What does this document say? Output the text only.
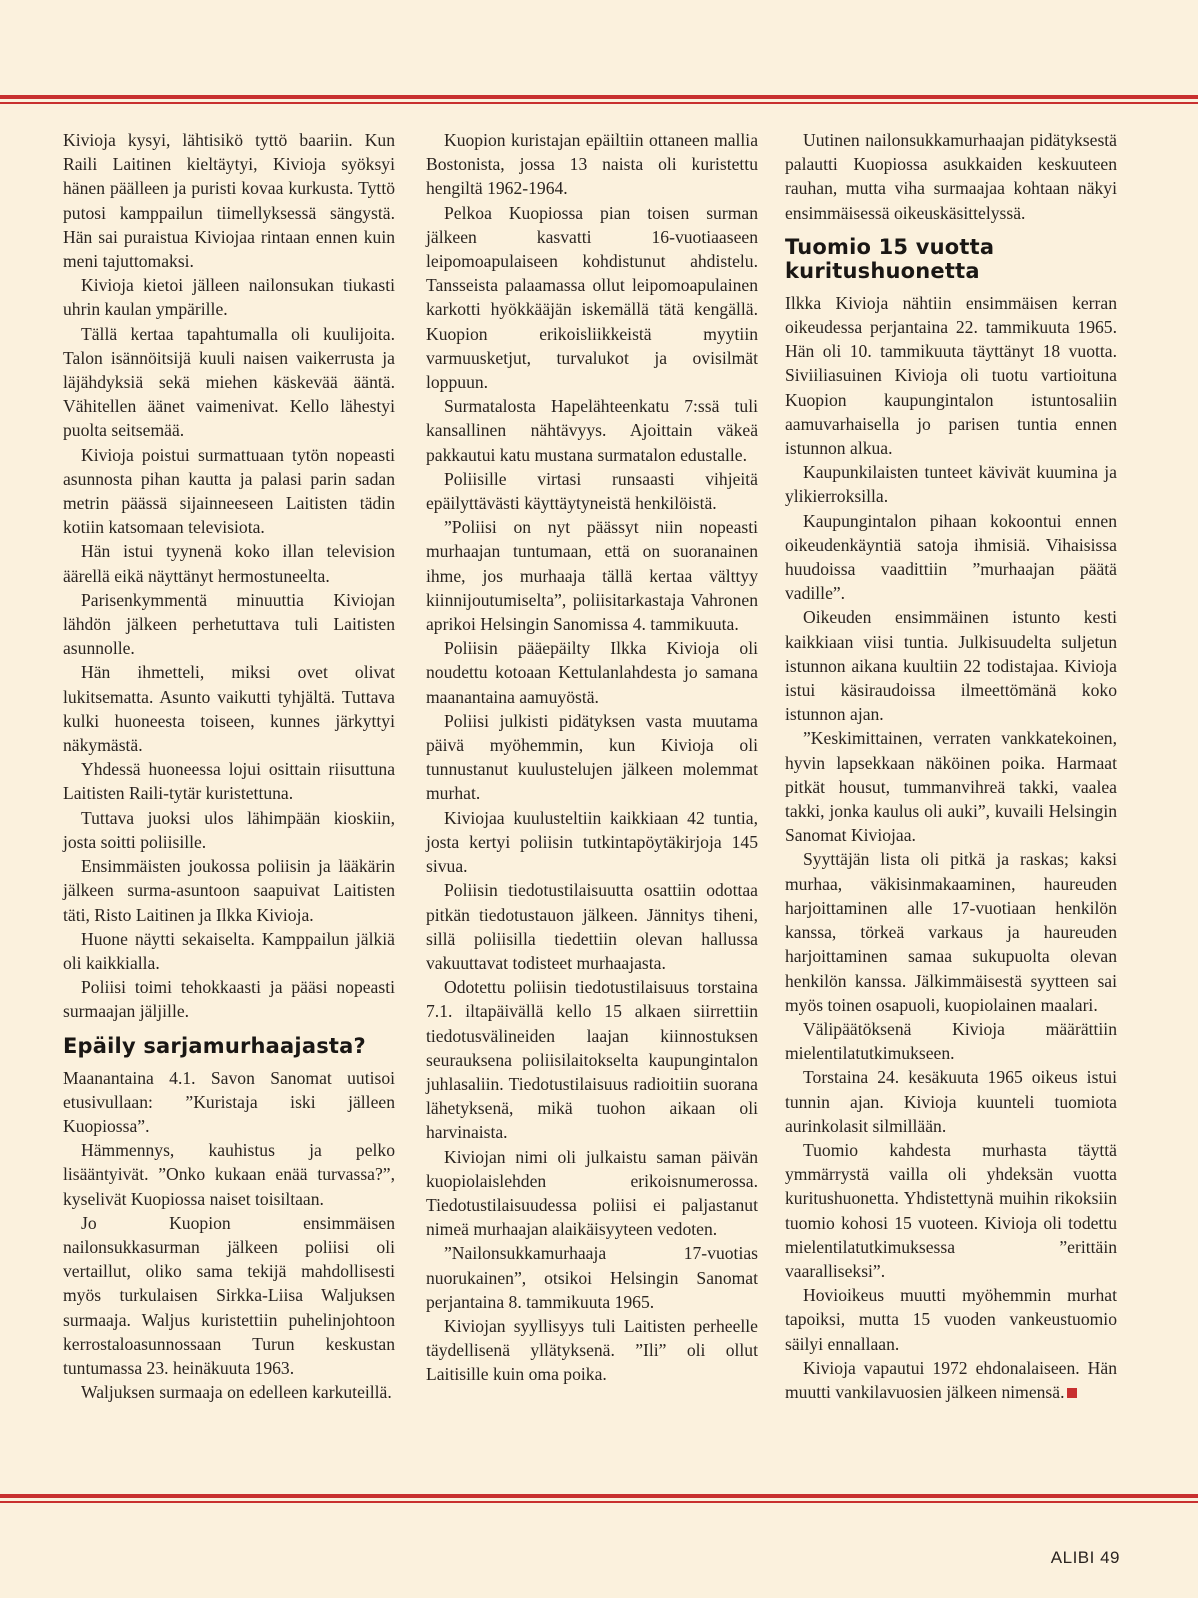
Kivioja kysyi, lähtisikö tyttö baariin. Kun Raili Laitinen kieltäytyi, Kivioja syöksyi hänen päälleen ja puristi kovaa kurkusta. Tyttö putosi kamppailun tiimellyksessä sängystä. Hän sai puraistua Kiviojaa rintaan ennen kuin meni tajuttomaksi.

Kivioja kietoi jälleen nailonsukan tiukasti uhrin kaulan ympärille.

Tällä kertaa tapahtumalla oli kuulijoita. Talon isännöitsijä kuuli naisen vaikerrusta ja läjähdyksiä sekä miehen käskevää ääntä. Vähitellen äänet vaimenivat. Kello lähestyi puolta seitsemää.

Kivioja poistui surmattuaan tytön nopeasti asunnosta pihan kautta ja palasi parin sadan metrin päässä sijainneeseen Laitisten tädin kotiin katsomaan televisiota.

Hän istui tyynenä koko illan television äärellä eikä näyttänyt hermostuneelta.

Parisenkymmentä minuuttia Kiviojan lähdön jälkeen perhetuttava tuli Laitisten asunnolle.

Hän ihmetteli, miksi ovet olivat lukitsematta. Asunto vaikutti tyhjältä. Tuttava kulki huoneesta toiseen, kunnes järkyttyi näkymästä.

Yhdessä huoneessa lojui osittain riisuttuna Laitisten Raili-tytär kuristettuna.

Tuttava juoksi ulos lähimpään kioskiin, josta soitti poliisille.

Ensimmäisten joukossa poliisin ja lääkärin jälkeen surma-asuntoon saapuivat Laitisten täti, Risto Laitinen ja Ilkka Kivioja.

Huone näytti sekaiselta. Kamppailun jälkiä oli kaikkialla.

Poliisi toimi tehokkaasti ja pääsi nopeasti surmaajan jäljille.

Epäily sarjamurhaajasta?

Maanantaina 4.1. Savon Sanomat uutisoi etusivullaan: ”Kuristaja iski jälleen Kuopiossa”.

Hämmennys, kauhistus ja pelko lisääntyivät. ”Onko kukaan enää turvassa?”, kyselivät Kuopiossa naiset toisiltaan.

Jo Kuopion ensimmäisen nailonsukkasurman jälkeen poliisi oli vertaillut, oliko sama tekijä mahdollisesti myös turkulaisen Sirkka-Liisa Waljuksen surmaaja. Waljus kuristettiin puhelinjohtoon kerrostaloasunnossaan Turun keskustan tuntumassa 23. heinäkuuta 1963.

Waljuksen surmaaja on edelleen karkuteillä.

Kuopion kuristajan epäiltiin ottaneen mallia Bostonista, jossa 13 naista oli kuristettu hengiltä 1962-1964.

Pelkoa Kuopiossa pian toisen surman jälkeen kasvatti 16-vuotiaaseen leipomoapulaiseen kohdistunut ahdistelu. Tansseista palaamassa ollut leipomoapulainen karkotti hyökkääjän iskemällä tätä kengällä. Kuopion erikoisliikkeistä myytiin varmuusketjut, turvalukot ja ovisilmät loppuun.

Surmatalosta Hapelähteenkatu 7:ssä tuli kansallinen nähtävyys. Ajoittain väkeä pakkautui katu mustana surmatalon edustalle.

Poliisille virtasi runsaasti vihjeitä epäilyttävästi käyttäytyneistä henkilöistä.

”Poliisi on nyt päässyt niin nopeasti murhaajan tuntumaan, että on suoranainen ihme, jos murhaaja tällä kertaa välttyy kiinnijoutumiselta”, poliisitarkastaja Vahronen aprikoi Helsingin Sanomissa 4. tammikuuta.

Poliisin pääepäilty Ilkka Kivioja oli noudettu kotoaan Kettulanlahdesta jo samana maanantaina aamuyöstä.

Poliisi julkisti pidätyksen vasta muutama päivä myöhemmin, kun Kivioja oli tunnustanut kuulustelujen jälkeen molemmat murhat.

Kiviojaa kuulusteltiin kaikkiaan 42 tuntia, josta kertyi poliisin tutkintapöytäkirjoja 145 sivua.

Poliisin tiedotustilaisuutta osattiin odottaa pitkän tiedotustauon jälkeen. Jännitys tiheni, sillä poliisilla tiedettiin olevan hallussa vakuuttavat todisteet murhaajasta.

Odotettu poliisin tiedotustilaisuus torstaina 7.1. iltapäivällä kello 15 alkaen siirrettiin tiedotusvälineiden laajan kiinnostuksen seurauksena poliisilaitokselta kaupungintalon juhlasaliin. Tiedotustilaisuus radioitiin suorana lähetyksenä, mikä tuohon aikaan oli harvinaista.

Kiviojan nimi oli julkaistu saman päivän kuopiolaislehden erikoisnumerossa. Tiedotustilaisuudessa poliisi ei paljastanut nimeä murhaajan alaikäisyyteen vedoten.

”Nailonsukkamurhaaja 17-vuotias nuorukainen”, otsikoi Helsingin Sanomat perjantaina 8. tammikuuta 1965.

Kiviojan syyllisyys tuli Laitisten perheelle täydellisenä yllätyksenä. ”Ili” oli ollut Laitisille kuin oma poika.

Uutinen nailonsukkamurhaajan pidätyksestä palautti Kuopiossa asukkaiden keskuuteen rauhan, mutta viha surmaajaa kohtaan näkyi ensimmäisessä oikeuskäsittelyssä.

Tuomio 15 vuotta kuritushuonetta

Ilkka Kivioja nähtiin ensimmäisen kerran oikeudessa perjantaina 22. tammikuuta 1965. Hän oli 10. tammikuuta täyttänyt 18 vuotta. Siviiliasuinen Kivioja oli tuotu vartioituna Kuopion kaupungintalon istuntosaliin aamuvarhaisella jo parisen tuntia ennen istunnon alkua.

Kaupunkilaisten tunteet kävivät kuumina ja ylikierroksilla.

Kaupungintalon pihaan kokoontui ennen oikeudenkäyntiä satoja ihmisiä. Vihaisissa huudoissa vaadittiin ”murhaajan päätä vadille”.

Oikeuden ensimmäinen istunto kesti kaikkiaan viisi tuntia. Julkisuudelta suljetun istunnon aikana kuultiin 22 todistajaa. Kivioja istui käsiraudoissa ilmeettömänä koko istunnon ajan.

”Keskimittainen, verraten vankkatekoinen, hyvin lapsekkaan näköinen poika. Harmaat pitkät housut, tummanvihreä takki, vaalea takki, jonka kaulus oli auki”, kuvaili Helsingin Sanomat Kiviojaa.

Syyttäjän lista oli pitkä ja raskas; kaksi murhaa, väkisinmakaaminen, haureuden harjoittaminen alle 17-vuotiaan henkilön kanssa, törkeä varkaus ja haureuden harjoittaminen samaa sukupuolta olevan henkilön kanssa. Jälkimmäisestä syytteen sai myös toinen osapuoli, kuopiolainen maalari.

Välipäätöksenä Kivioja määrättiin mielentilatutkimukseen.

Torstaina 24. kesäkuuta 1965 oikeus istui tunnin ajan. Kivioja kuunteli tuomiota aurinkolasit silmillään.

Tuomio kahdesta murhasta täyttä ymmärrystä vailla oli yhdeksän vuotta kuritushuonetta. Yhdistettynä muihin rikoksiin tuomio kohosi 15 vuoteen. Kivioja oli todettu mielentilatutkimuksessa ”erittäin vaaralliseksi”.

Hovioikeus muutti myöhemmin murhat tapoiksi, mutta 15 vuoden vankeustuomio säilyi ennallaan.

Kivioja vapautui 1972 ehdonalaiseen. Hän muutti vankilavuosien jälkeen nimensä.

ALIBI 49
